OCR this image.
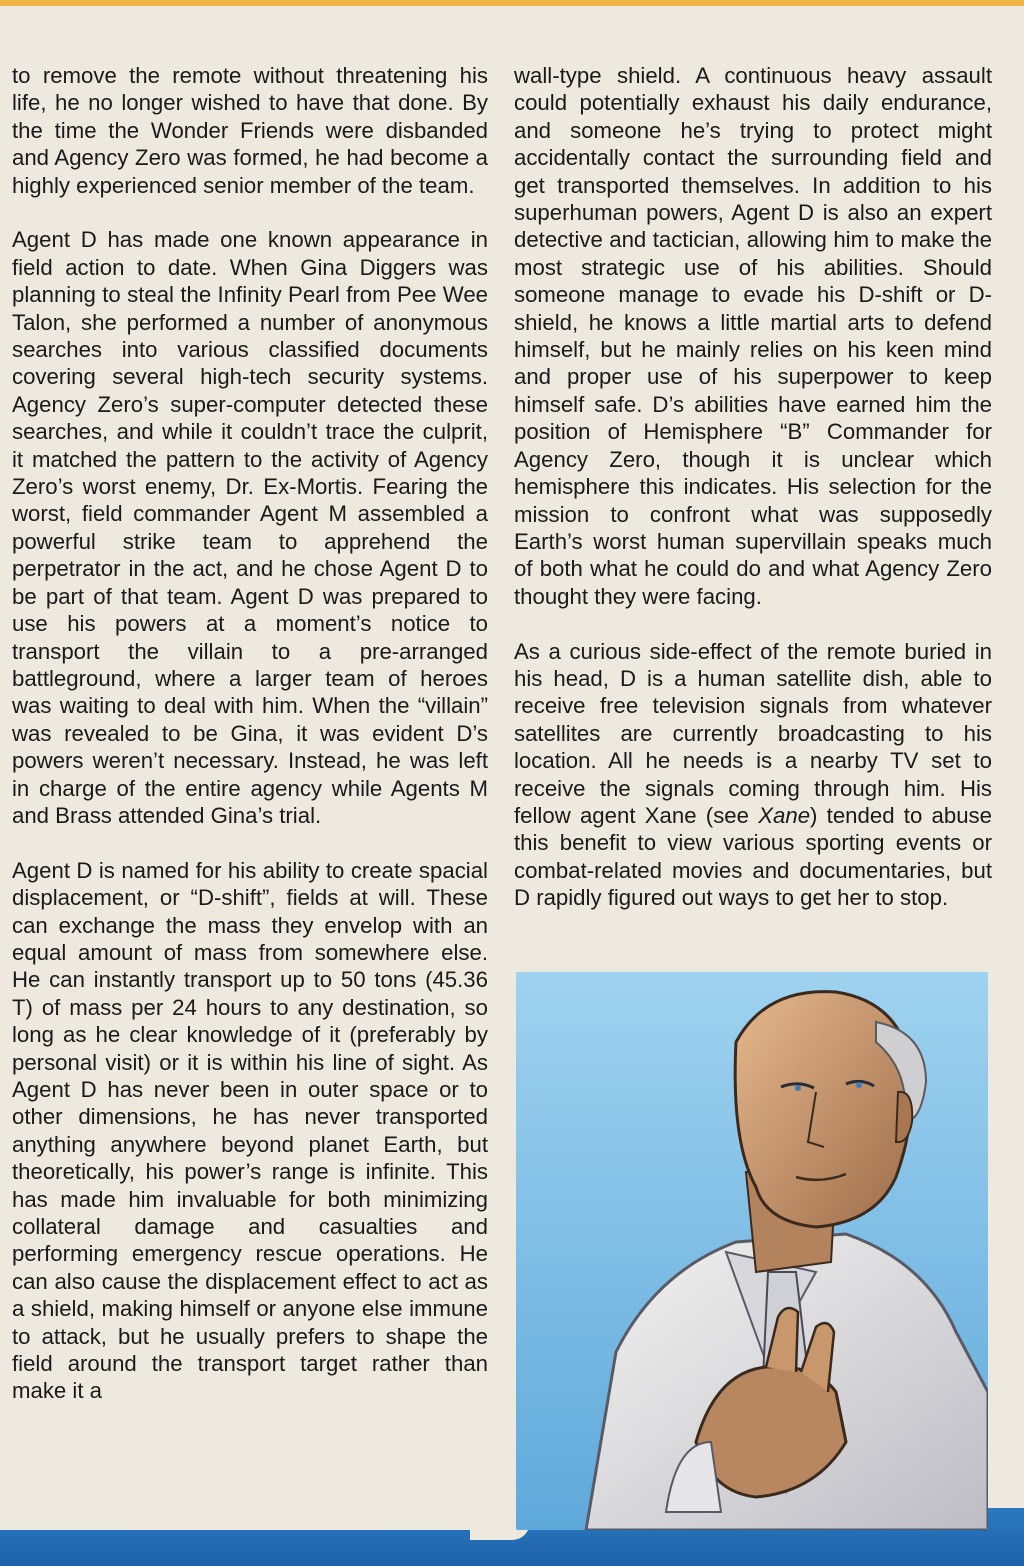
to remove the remote without threatening his life, he no longer wished to have that done. By the time the Wonder Friends were disbanded and Agency Zero was formed, he had become a highly experienced senior member of the team.

Agent D has made one known appearance in field action to date. When Gina Diggers was planning to steal the Infinity Pearl from Pee Wee Talon, she performed a number of anonymous searches into various classified documents covering several high-tech security systems. Agency Zero’s super-computer detected these searches, and while it couldn’t trace the culprit, it matched the pattern to the activity of Agency Zero’s worst enemy, Dr. Ex-Mortis. Fearing the worst, field commander Agent M assembled a powerful strike team to apprehend the perpetrator in the act, and he chose Agent D to be part of that team. Agent D was prepared to use his powers at a moment’s notice to transport the villain to a pre-arranged battleground, where a larger team of heroes was waiting to deal with him. When the “villain” was revealed to be Gina, it was evident D’s powers weren’t necessary. Instead, he was left in charge of the entire agency while Agents M and Brass attended Gina’s trial.

Agent D is named for his ability to create spacial displacement, or “D-shift”, fields at will. These can exchange the mass they envelop with an equal amount of mass from somewhere else. He can instantly transport up to 50 tons (45.36 T) of mass per 24 hours to any destination, so long as he clear knowledge of it (preferably by personal visit) or it is within his line of sight. As Agent D has never been in outer space or to other dimensions, he has never transported anything anywhere beyond planet Earth, but theoretically, his power’s range is infinite. This has made him invaluable for both minimizing collateral damage and casualties and performing emergency rescue operations. He can also cause the displacement effect to act as a shield, making himself or anyone else immune to attack, but he usually prefers to shape the field around the transport target rather than make it a

wall-type shield. A continuous heavy assault could potentially exhaust his daily endurance, and someone he’s trying to protect might accidentally contact the surrounding field and get transported themselves. In addition to his superhuman powers, Agent D is also an expert detective and tactician, allowing him to make the most strategic use of his abilities. Should someone manage to evade his D-shift or D-shield, he knows a little martial arts to defend himself, but he mainly relies on his keen mind and proper use of his superpower to keep himself safe. D’s abilities have earned him the position of Hemisphere “B” Commander for Agency Zero, though it is unclear which hemisphere this indicates. His selection for the mission to confront what was supposedly Earth’s worst human supervillain speaks much of both what he could do and what Agency Zero thought they were facing.

As a curious side-effect of the remote buried in his head, D is a human satellite dish, able to receive free television signals from whatever satellites are currently broadcasting to his location. All he needs is a nearby TV set to receive the signals coming through him. His fellow agent Xane (see Xane) tended to abuse this benefit to view various sporting events or combat-related movies and documentaries, but D rapidly figured out ways to get her to stop.
